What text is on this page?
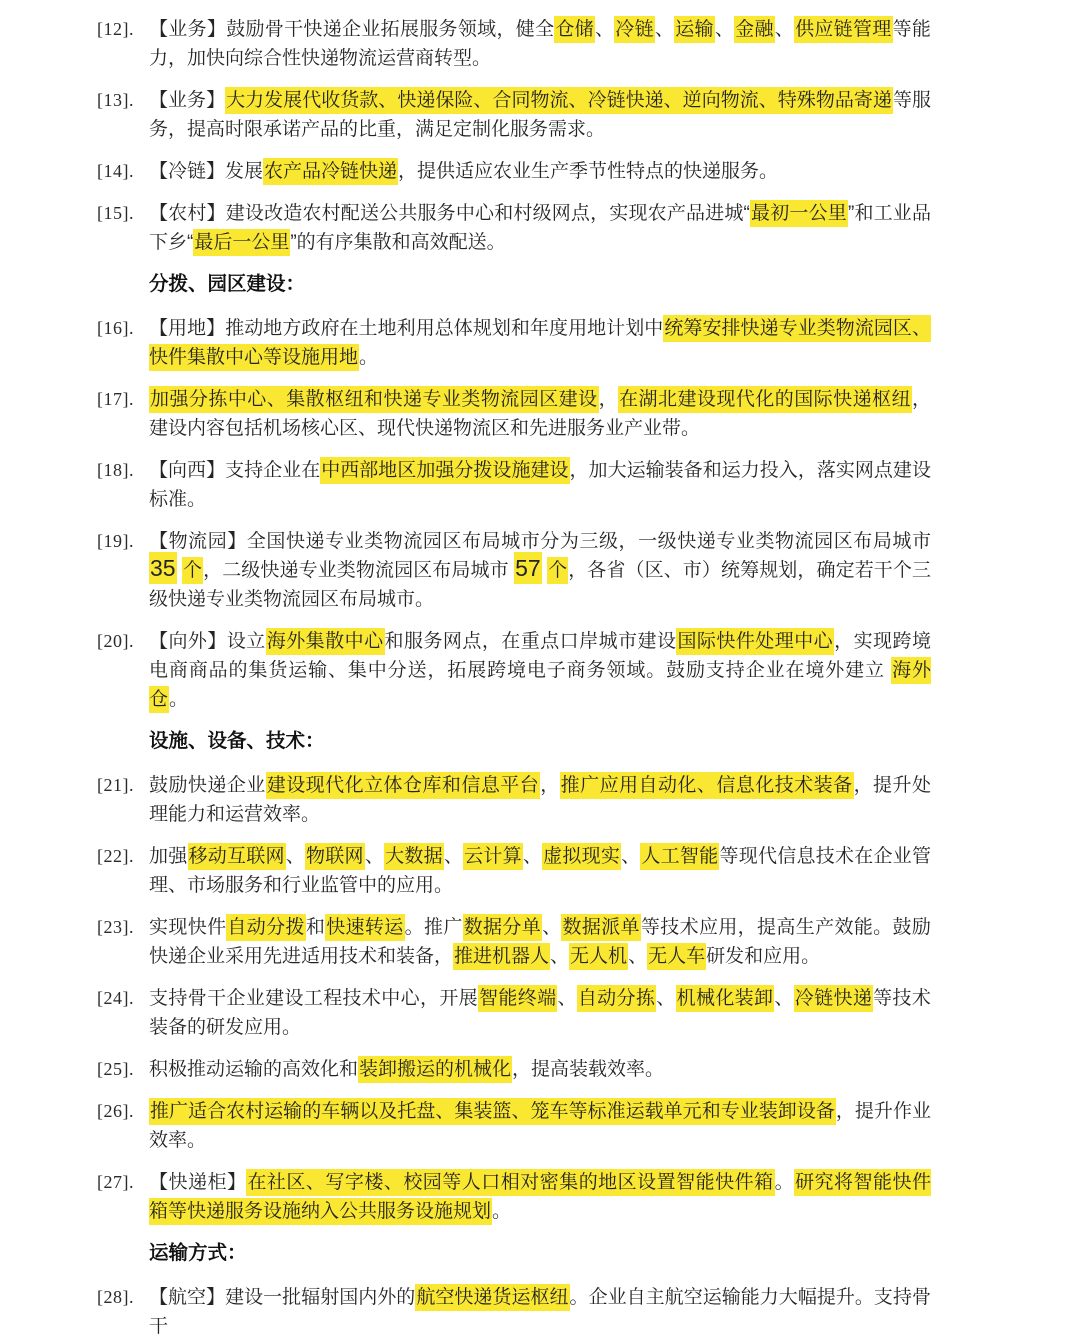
[12]. 【业务】鼓励骨干快递企业拓展服务领域，健全仓储、冷链、运输、金融、供应链管理等能力，加快向综合性快递物流运营商转型。
[13]. 【业务】大力发展代收货款、快递保险、合同物流、冷链快递、逆向物流、特殊物品寄递等服务，提高时限承诺产品的比重，满足定制化服务需求。
[14]. 【冷链】发展农产品冷链快递，提供适应农业生产季节性特点的快递服务。
[15]. 【农村】建设改造农村配送公共服务中心和村级网点，实现农产品进城“最初一公里”和工业品下乡“最后一公里”的有序集散和高效配送。
分拨、园区建设：
[16]. 【用地】推动地方政府在土地利用总体规划和年度用地计划中统筹安排快递专业类物流园区、快件集散中心等设施用地。
[17]. 加强分拣中心、集散枢纽和快递专业类物流园区建设，在湖北建设现代化的国际快递枢纽，建设内容包括机场核心区、现代快递物流区和先进服务业产业带。
[18]. 【向西】支持企业在中西部地区加强分拨设施建设，加大运输装备和运力投入，落实网点建设标准。
[19]. 【物流园】全国快递专业类物流园区布局城市分为三级，一级快递专业类物流园区布局城市 35 个，二级快递专业类物流园区布局城市 57 个，各省（区、市）统筹规划，确定若干个三级快递专业类物流园区布局城市。
[20]. 【向外】设立海外集散中心和服务网点，在重点口岸城市建设国际快件处理中心，实现跨境电商商品的集货运输、集中分送，拓展跨境电子商务领域。鼓励支持企业在境外建立 海外仓。
设施、设备、技术：
[21]. 鼓励快递企业建设现代化立体仓库和信息平台，推广应用自动化、信息化技术装备，提升处理能力和运营效率。
[22]. 加强移动互联网、物联网、大数据、云计算、虚拟现实、人工智能等现代信息技术在企业管理、市场服务和行业监管中的应用。
[23]. 实现快件自动分拨和快速转运。推广数据分单、数据派单等技术应用，提高生产效能。鼓励快递企业采用先进适用技术和装备，推进机器人、无人机、无人车研发和应用。
[24]. 支持骨干企业建设工程技术中心，开展智能终端、自动分拣、机械化装卸、冷链快递等技术装备的研发应用。
[25]. 积极推动运输的高效化和装卸搬运的机械化，提高装载效率。
[26]. 推广适合农村运输的车辆以及托盘、集装篮、笼车等标准运载单元和专业装卸设备，提升作业效率。
[27]. 【快递柜】在社区、写字楼、校园等人口相对密集的地区设置智能快件箱。研究将智能快件箱等快递服务设施纳入公共服务设施规划。
运输方式：
[28]. 【航空】建设一批辐射国内外的航空快递货运枢纽。企业自主航空运输能力大幅提升。支持骨干
